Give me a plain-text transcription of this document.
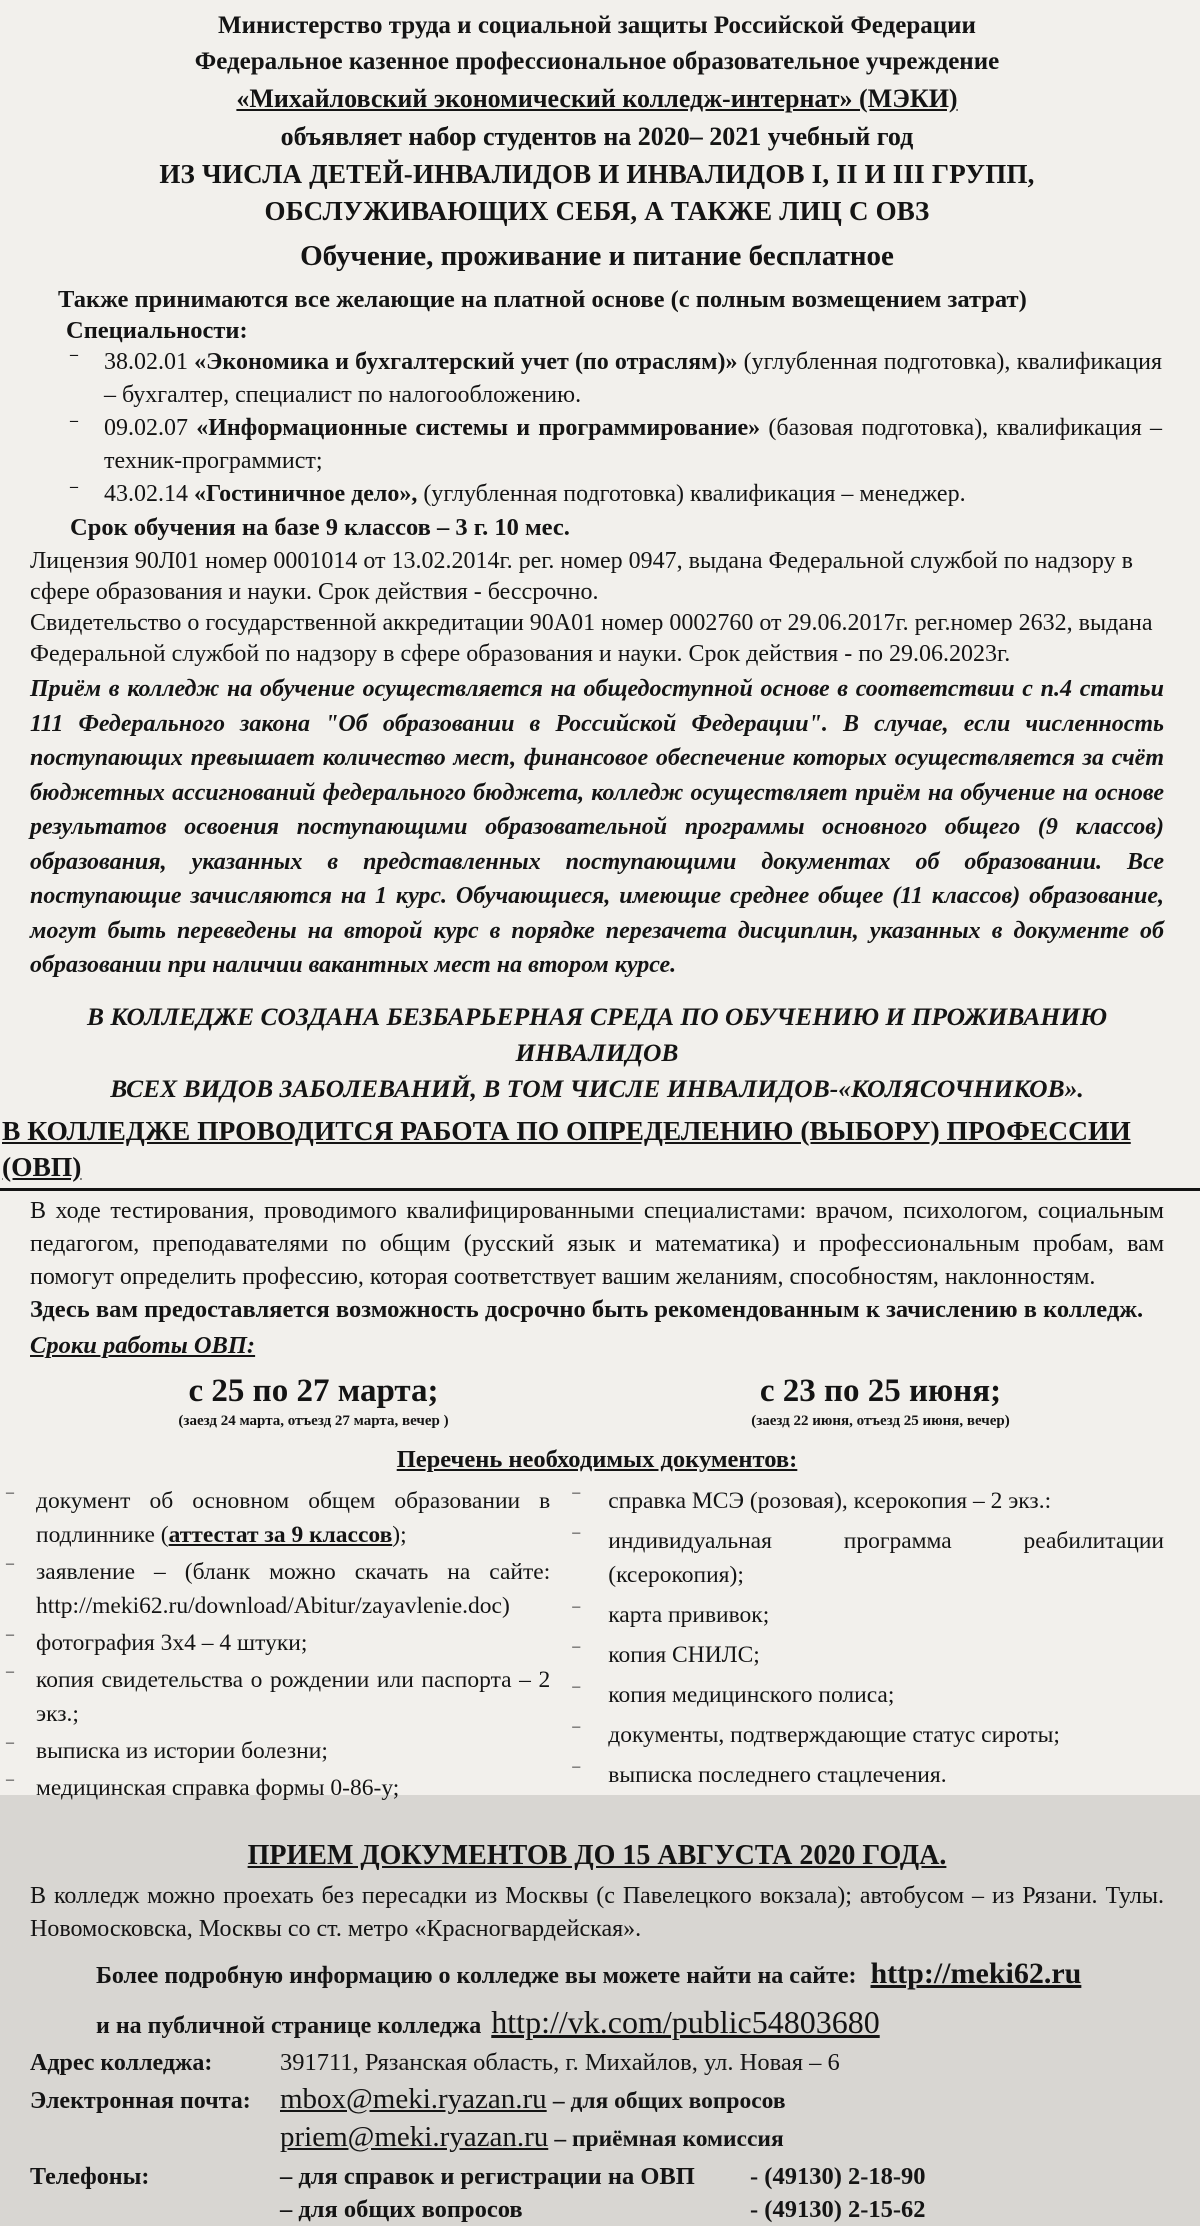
Министерство труда и социальной защиты Российской Федерации
Федеральное казенное профессиональное образовательное учреждение
«Михайловский экономический колледж-интернат» (МЭКИ)
объявляет набор студентов на 2020– 2021 учебный год
ИЗ ЧИСЛА ДЕТЕЙ-ИНВАЛИДОВ И ИНВАЛИДОВ I, II И III ГРУПП,
ОБСЛУЖИВАЮЩИХ СЕБЯ, А ТАКЖЕ ЛИЦ С ОВЗ
Обучение, проживание и питание бесплатное
Также принимаются все желающие на платной основе (с полным возмещением затрат)
Специальности:
–	38.02.01 «Экономика и бухгалтерский учет (по отраслям)» (углубленная подготовка), квалификация – бухгалтер, специалист по налогообложению.
–	09.02.07 «Информационные системы и программирование» (базовая подготовка), квалификация – техник-программист;
–	43.02.14 «Гостиничное дело», (углубленная подготовка) квалификация – менеджер.
Срок обучения на базе 9 классов – 3 г. 10 мес.
Лицензия 90Л01 номер 0001014 от 13.02.2014г. рег. номер 0947, выдана Федеральной службой по надзору в сфере образования и науки. Срок действия - бессрочно.
Свидетельство о государственной аккредитации 90А01 номер 0002760 от 29.06.2017г. рег.номер 2632, выдана Федеральной службой по надзору в сфере образования и науки. Срок действия - по 29.06.2023г.
Приём в колледж на обучение осуществляется на общедоступной основе в соответствии с п.4 статьи 111 Федерального закона "Об образовании в Российской Федерации". В случае, если численность поступающих превышает количество мест, финансовое обеспечение которых осуществляется за счёт бюджетных ассигнований федерального бюджета, колледж осуществляет приём на обучение на основе результатов освоения поступающими образовательной программы основного общего (9 классов) образования, указанных в представленных поступающими документах об образовании. Все поступающие зачисляются на 1 курс. Обучающиеся, имеющие среднее общее (11 классов) образование, могут быть переведены на второй курс в порядке перезачета дисциплин, указанных в документе об образовании при наличии вакантных мест на втором курсе.
В КОЛЛЕДЖЕ СОЗДАНА БЕЗБАРЬЕРНАЯ СРЕДА ПО ОБУЧЕНИЮ И ПРОЖИВАНИЮ ИНВАЛИДОВ
ВСЕХ ВИДОВ ЗАБОЛЕВАНИЙ, В ТОМ ЧИСЛЕ ИНВАЛИДОВ-«КОЛЯСОЧНИКОВ».
В КОЛЛЕДЖЕ ПРОВОДИТСЯ РАБОТА ПО ОПРЕДЕЛЕНИЮ (ВЫБОРУ) ПРОФЕССИИ (ОВП)
В ходе тестирования, проводимого квалифицированными специалистами: врачом, психологом, социальным педагогом, преподавателями по общим (русский язык и математика) и профессиональным пробам, вам помогут определить профессию, которая соответствует вашим желаниям, способностям, наклонностям.
Здесь вам предоставляется возможность досрочно быть рекомендованным к зачислению в колледж.
Сроки работы ОВП:
с 25 по 27 марта;
(заезд 24 марта, отъезд 27 марта, вечер )
с 23 по 25 июня;
(заезд 22 июня, отъезд 25 июня, вечер)
Перечень необходимых документов:
– документ об основном общем образовании в подлиннике (аттестат за 9 классов);
– заявление – (бланк можно скачать на сайте: http://meki62.ru/download/Abitur/zayavlenie.doc)
– фотография 3х4 – 4 штуки;
– копия свидетельства о рождении или паспорта – 2 экз.;
– выписка из истории болезни;
– медицинская справка формы 0-86-у;
–	справка МСЭ (розовая), ксерокопия – 2 экз.:
–	индивидуальная программа реабилитации (ксерокопия);
–	карта прививок;
–	копия СНИЛС;
–	копия медицинского полиса;
–	документы, подтверждающие статус сироты;
–	выписка последнего стацлечения.
ПРИЕМ ДОКУМЕНТОВ ДО 15 АВГУСТА 2020 ГОДА.
В колледж можно проехать без пересадки из Москвы (с Павелецкого вокзала); автобусом – из Рязани. Тулы. Новомосковска, Москвы со ст. метро «Красногвардейская».
Более подробную информацию о колледже вы можете найти на сайте: http://meki62.ru
и на публичной странице колледжа http://vk.com/public54803680
Адрес колледжа:	391711, Рязанская область, г. Михайлов, ул. Новая – 6
Электронная почта:	mbox@meki.ryazan.ru – для общих вопросов
priem@meki.ryazan.ru – приёмная комиссия
Телефоны:	– для справок и регистрации на ОВП	- (49130) 2-18-90
– для общих вопросов	- (49130) 2-15-62
